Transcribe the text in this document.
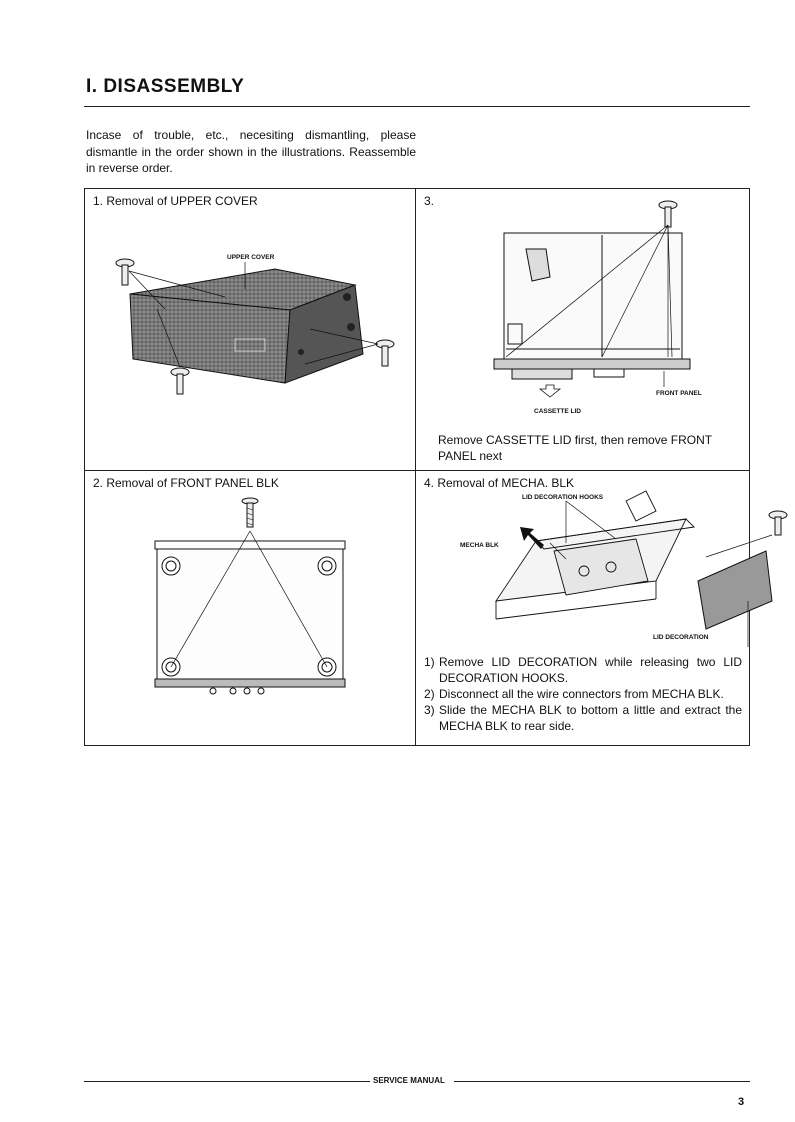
I. DISASSEMBLY
Incase of trouble, etc., necesiting dismantling, please dismantle in the order shown in the illustrations. Reassemble in reverse order.
1. Removal of UPPER COVER
UPPER COVER
3.
FRONT PANEL
CASSETTE LID
Remove CASSETTE LID first, then remove FRONT PANEL next
2. Removal of FRONT PANEL BLK	4. Removal of MECHA. BLK
LID DECORATION HOOKS
MECHA BLK
LID DECORATION
1) Remove LID DECORATION while releasing two LID DECORATION HOOKS.
2) Disconnect all the wire connectors from MECHA BLK.
3) Slide the MECHA BLK to bottom a little and extract the MECHA BLK to rear side.
SERVICE MANUAL
3
